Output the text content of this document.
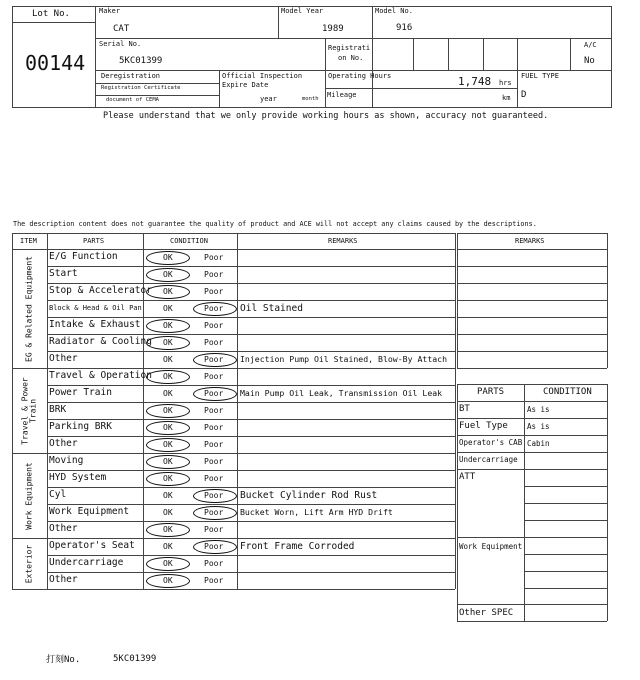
Lot No.
00144
Maker
CAT
Model Year
1989
Model No.
916
Serial No.
5KC01399
Registrati
on No.
A/C
No
Deregistration
Registration Certificate
document of CEMA
Official Inspection
Expire Date
year	month
Operating Hours	1,748 hrs
Mileage	km
FUEL TYPE
D
Please understand that we only provide working hours as shown, accuracy not guaranteed.
The description content does not guarantee the quality of product and ACE will not accept any claims caused by the descriptions.
ITEM	PARTS	CONDITION	REMARKS
EG & Related Equipment
Travel & Power Train
Work Equipment
Exterior
E/G Function	OK	Poor
Start	OK	Poor
Stop & Accelerator OK	Poor
Block & Head & Oil Pan	OK	Poor Oil Stained
Intake & Exhaust	OK	Poor
Radiator & Cooling OK	Poor
Other	OK	Poor Injection Pump Oil Stained, Blow-By Attach
Travel & Operation OK	Poor
Power Train	OK	Poor Main Pump Oil Leak, Transmission Oil Leak
BRK	OK	Poor
Parking BRK	OK	Poor
Other	OK	Poor
Moving	OK	Poor
HYD System	OK	Poor
Cyl	OK	Poor Bucket Cylinder Rod Rust
Work Equipment	OK	Poor Bucket Worn, Lift Arm HYD Drift
Other	OK	Poor
Operator's Seat	OK	Poor Front Frame Corroded
Undercarriage	OK	Poor
Other	OK	Poor
REMARKS
PARTS	CONDITION
BT	As is
Fuel Type	As is
Operator's CAB Cabin
Undercarriage
ATT
Work Equipment
Other SPEC
打刻No.	5KC01399
